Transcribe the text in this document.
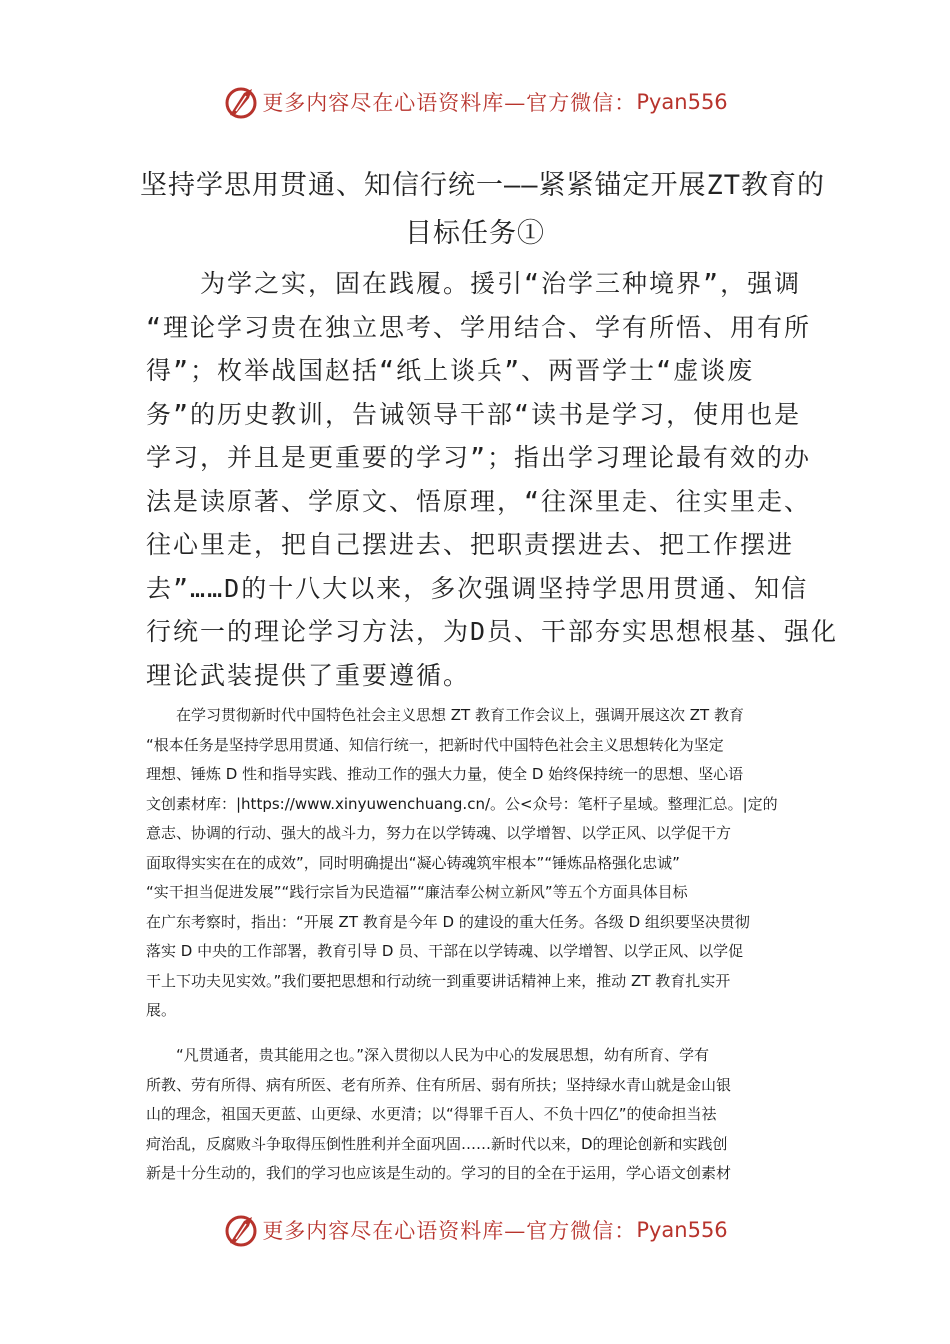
更多内容尽在心语资料库—官方微信： Pyan556
坚持学思用贯通、知信行统一——紧紧锚定开展ZT教育的
目标任务①
　　为学之实，固在践履。援引“治学三种境界”，强调
“理论学习贵在独立思考、学用结合、学有所悟、用有所
得”；枚举战国赵括“纸上谈兵”、两晋学士“虚谈废
务”的历史教训，告诫领导干部“读书是学习，使用也是
学习，并且是更重要的学习”；指出学习理论最有效的办
法是读原著、学原文、悟原理，“往深里走、往实里走、
往心里走，把自己摆进去、把职责摆进去、把工作摆进
去”……D的十八大以来，多次强调坚持学思用贯通、知信
行统一的理论学习方法，为D员、干部夯实思想根基、强化
理论武装提供了重要遵循。
　　在学习贯彻新时代中国特色社会主义思想 ZT 教育工作会议上，强调开展这次 ZT 教育
“根本任务是坚持学思用贯通、知信行统一，把新时代中国特色社会主义思想转化为坚定
理想、锤炼 D 性和指导实践、推动工作的强大力量，使全 D 始终保持统一的思想、坚心语
文创素材库：|https://www.xinyuwenchuang.cn/。公<众号：笔杆子星域。整理汇总。|定的
意志、协调的行动、强大的战斗力，努力在以学铸魂、以学增智、以学正风、以学促干方
面取得实实在在的成效”，同时明确提出“凝心铸魂筑牢根本”“锤炼品格强化忠诚”
“实干担当促进发展”“践行宗旨为民造福”“廉洁奉公树立新风”等五个方面具体目标
在广东考察时，指出：“开展 ZT 教育是今年 D 的建设的重大任务。各级 D 组织要坚决贯彻
落实 D 中央的工作部署，教育引导 D 员、干部在以学铸魂、以学增智、以学正风、以学促
干上下功夫见实效。”我们要把思想和行动统一到重要讲话精神上来，推动 ZT 教育扎实开
展。
　　“凡贯通者，贵其能用之也。”深入贯彻以人民为中心的发展思想，幼有所育、学有
所教、劳有所得、病有所医、老有所养、住有所居、弱有所扶；坚持绿水青山就是金山银
山的理念，祖国天更蓝、山更绿、水更清；以“得罪千百人、不负十四亿”的使命担当祛
疴治乱，反腐败斗争取得压倒性胜利并全面巩固……新时代以来，D的理论创新和实践创
新是十分生动的，我们的学习也应该是生动的。学习的目的全在于运用，学心语文创素材
更多内容尽在心语资料库—官方微信： Pyan556
